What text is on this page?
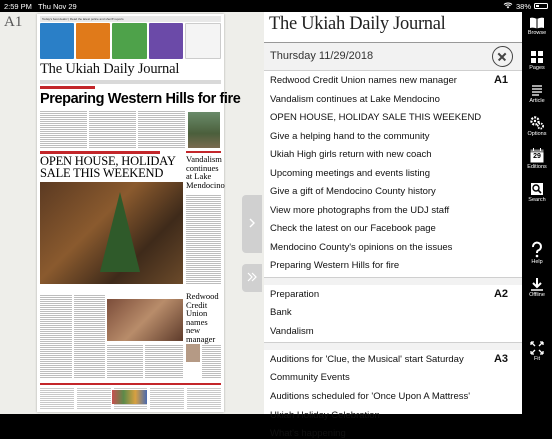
2:59 PM Thu Nov 29	38%
A1	Today's best deals! | Read the latest police and sheriff reports
The Ukiah Daily Journal
Preparing Western Hills for fire
OPEN HOUSE, HOLIDAY SALE THIS WEEKEND
Vandalism continues at Lake Mendocino
Redwood Credit Union names new manager
The Ukiah Daily Journal
Thursday 11/29/2018
A1
Redwood Credit Union names new manager
Vandalism continues at Lake Mendocino
OPEN HOUSE, HOLIDAY SALE THIS WEEKEND
Give a helping hand to the community
Ukiah High girls return with new coach
Upcoming meetings and events listing
Give a gift of Mendocino County history
View more photographs from the UDJ staff
Check the latest on our Facebook page
Mendocino County's opinions on the issues
Preparing Western Hills for fire
A2
Preparation
Bank
Vandalism
A3
Auditions for 'Clue, the Musical' start Saturday
Community Events
Auditions scheduled for 'Once Upon A Mattress'
Ukiah Holiday Celebration
What's happening
Browse
Pages
Article
Options
29
Editions
Search
Help
Offline
Fit
